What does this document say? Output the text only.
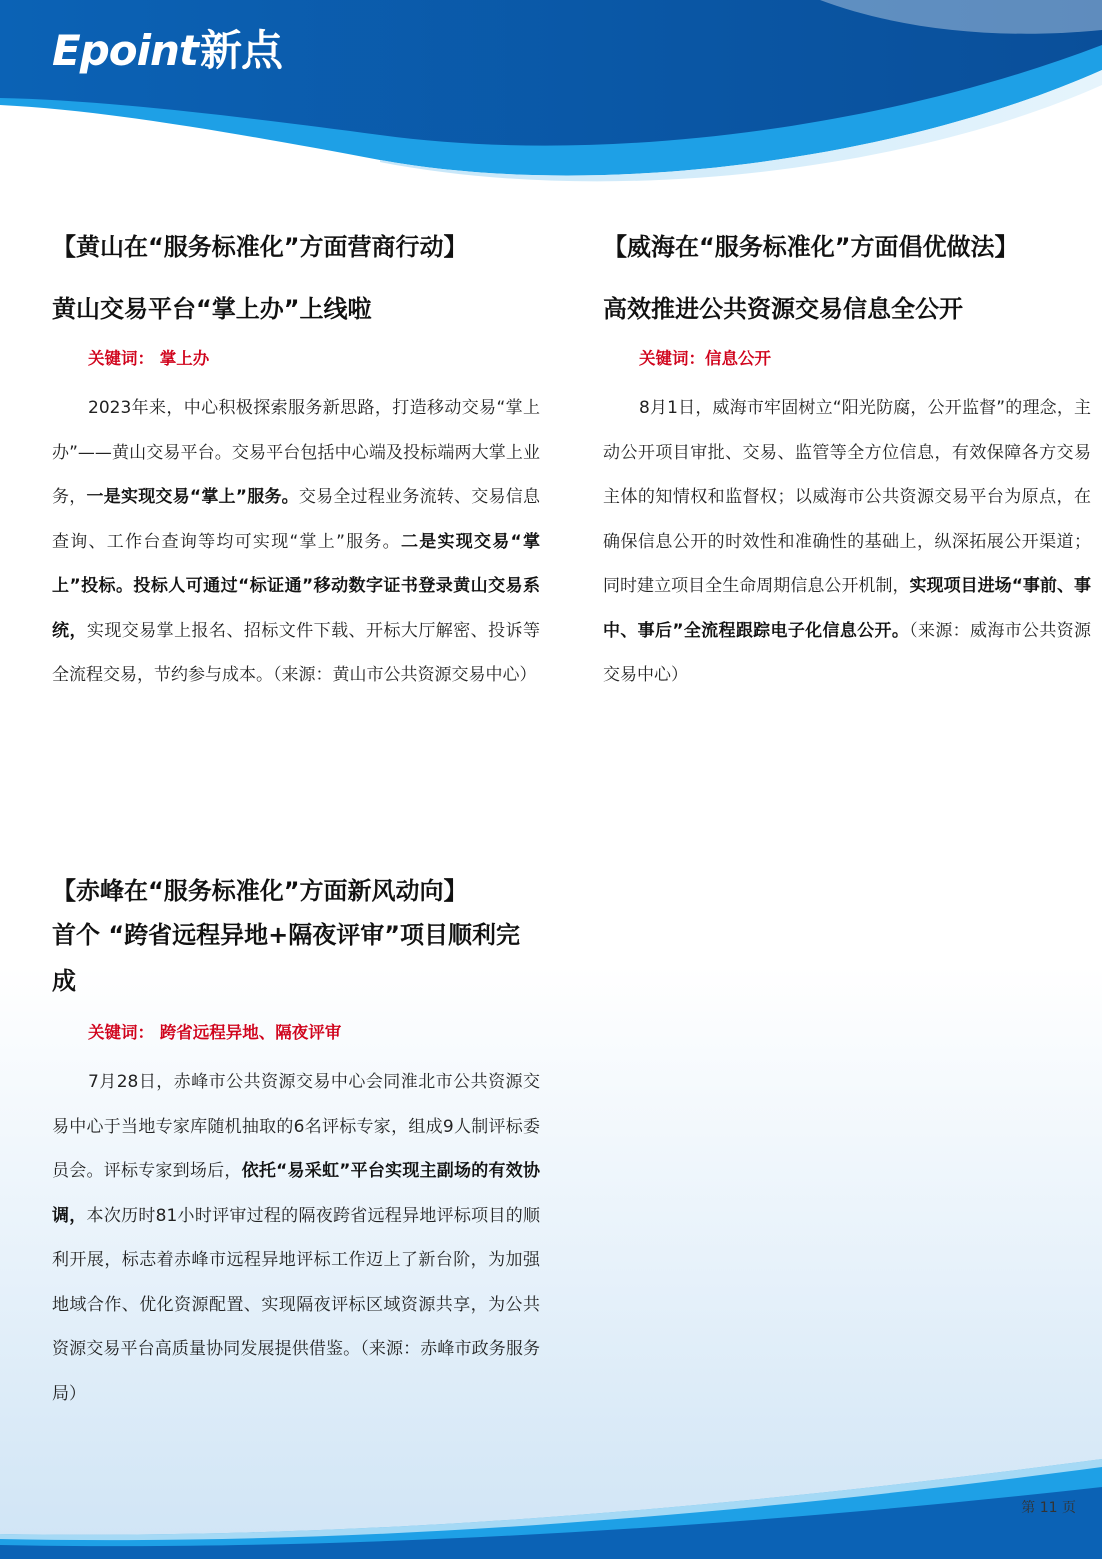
Epoint新点
【黄山在“服务标准化”方面营商行动】
黄山交易平台“掌上办”上线啦
关键词： 掌上办

2023年来，中心积极探索服务新思路，打造移动交易“掌上办”——黄山交易平台。交易平台包括中心端及投标端两大掌上业务，一是实现交易“掌上”服务。交易全过程业务流转、交易信息查询、工作台查询等均可实现“掌上”服务。二是实现交易“掌上”投标。投标人可通过“标证通”移动数字证书登录黄山交易系统，实现交易掌上报名、招标文件下载、开标大厅解密、投诉等全流程交易，节约参与成本。（来源：黄山市公共资源交易中心）

【威海在“服务标准化”方面倡优做法】
高效推进公共资源交易信息全公开
关键词：信息公开

8月1日，威海市牢固树立“阳光防腐，公开监督”的理念，主动公开项目审批、交易、监管等全方位信息，有效保障各方交易主体的知情权和监督权；以威海市公共资源交易平台为原点，在确保信息公开的时效性和准确性的基础上，纵深拓展公开渠道；同时建立项目全生命周期信息公开机制，实现项目进场“事前、事中、事后”全流程跟踪电子化信息公开。（来源：威海市公共资源交易中心）

【赤峰在“服务标准化”方面新风动向】
首个 “跨省远程异地+隔夜评审”项目顺利完成
关键词： 跨省远程异地、隔夜评审

7月28日，赤峰市公共资源交易中心会同淮北市公共资源交易中心于当地专家库随机抽取的6名评标专家，组成9人制评标委员会。评标专家到场后，依托“易采虹”平台实现主副场的有效协调，本次历时81小时评审过程的隔夜跨省远程异地评标项目的顺利开展，标志着赤峰市远程异地评标工作迈上了新台阶，为加强地域合作、优化资源配置、实现隔夜评标区域资源共享，为公共资源交易平台高质量协同发展提供借鉴。（来源：赤峰市政务服务局）

第 11 页
